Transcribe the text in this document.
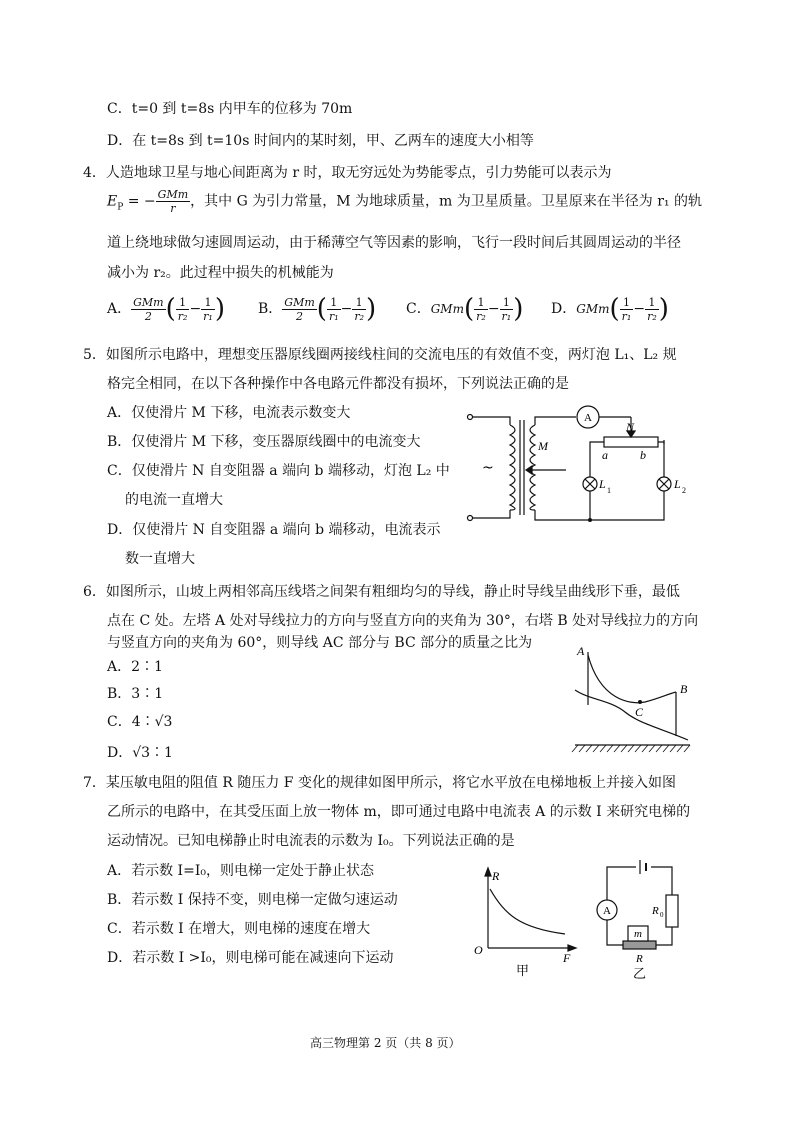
C．t=0 到 t=8s 内甲车的位移为 70m
D．在 t=8s 到 t=10s 时间内的某时刻，甲、乙两车的速度大小相等
4．人造地球卫星与地心间距离为 r 时，取无穷远处为势能零点，引力势能可以表示为
$E_P$ = − $\frac{\text{GMm}}{r}$ ，其中 G 为引力常量，M 为地球质量，m 为卫星质量。卫星原来在半径为 r₁ 的轨
道上绕地球做匀速圆周运动，由于稀薄空气等因素的影响，飞行一段时间后其圆周运动的半径
减小为 r₂。此过程中损失的机械能为
A． $\frac{\text{GMm}}{2}$ ( $\frac{1}{\text{r₂}} - \frac{1}{\text{r₁}}$ ) B． $\frac{\text{GMm}}{2}$ ( $\frac{1}{\text{r₁}} - \frac{1}{\text{r₂}}$ ) C．$GMm( \frac{1}{\text{r₂}} - \frac{1}{\text{r₁}}$ ) D．$GMm( \frac{1}{\text{r₁}} - \frac{1}{\text{r₂}}$ )
5．如图所示电路中，理想变压器原线圈两接线柱间的交流电压的有效值不变，两灯泡 L₁、L₂ 规
格完全相同，在以下各种操作中各电路元件都没有损坏，下列说法正确的是
A．仅使滑片 M 下移，电流表示数变大
B．仅使滑片 M 下移，变压器原线圈中的电流变大
C．仅使滑片 N 自变阻器 a 端向 b 端移动，灯泡 L₂ 中
的电流一直增大
D．仅使滑片 N 自变阻器 a 端向 b 端移动，电流表示
数一直增大
A
N
M
a	b
L 1	L 2
~
6．如图所示，山坡上两相邻高压线塔之间架有粗细均匀的导线，静止时导线呈曲线形下垂，最低
点在 C 处。左塔 A 处对导线拉力的方向与竖直方向的夹角为 30°，右塔 B 处对导线拉力的方向
与竖直方向的夹角为 60°，则导线 AC 部分与 BC 部分的质量之比为
A．2∶1
B．3∶1
C．4∶√3
D．√3∶1
A
B
C
7．某压敏电阻的阻值 R 随压力 F 变化的规律如图甲所示，将它水平放在电梯地板上并接入如图
乙所示的电路中，在其受压面上放一物体 m，即可通过电路中电流表 A 的示数 I 来研究电梯的
运动情况。已知电梯静止时电流表的示数为 I₀。下列说法正确的是
A．若示数 I=I₀，则电梯一定处于静止状态
B．若示数 I 保持不变，则电梯一定做匀速运动
C．若示数 I 在增大，则电梯的速度在增大
D．若示数 I >I₀，则电梯可能在减速向下运动
R
O
F
甲
A	R 0
m
R
乙
高三物理第 2 页（共 8 页）
